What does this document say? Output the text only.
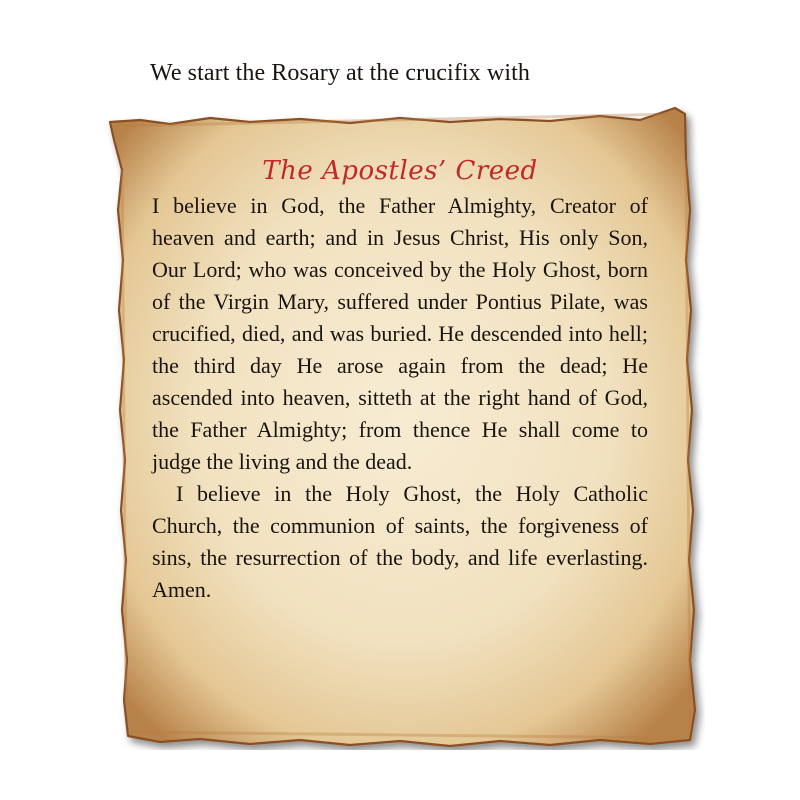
We start the Rosary at the crucifix with
The Apostles’ Creed

I believe in God, the Father Almighty, Creator of heaven and earth; and in Jesus Christ, His only Son, Our Lord; who was conceived by the Holy Ghost, born of the Virgin Mary, suffered under Pontius Pilate, was crucified, died, and was buried. He descended into hell; the third day He arose again from the dead; He ascended into heaven, sitteth at the right hand of God, the Father Almighty; from thence He shall come to judge the living and the dead.

I believe in the Holy Ghost, the Holy Catholic Church, the communion of saints, the forgiveness of sins, the resurrection of the body, and life everlasting. Amen.
